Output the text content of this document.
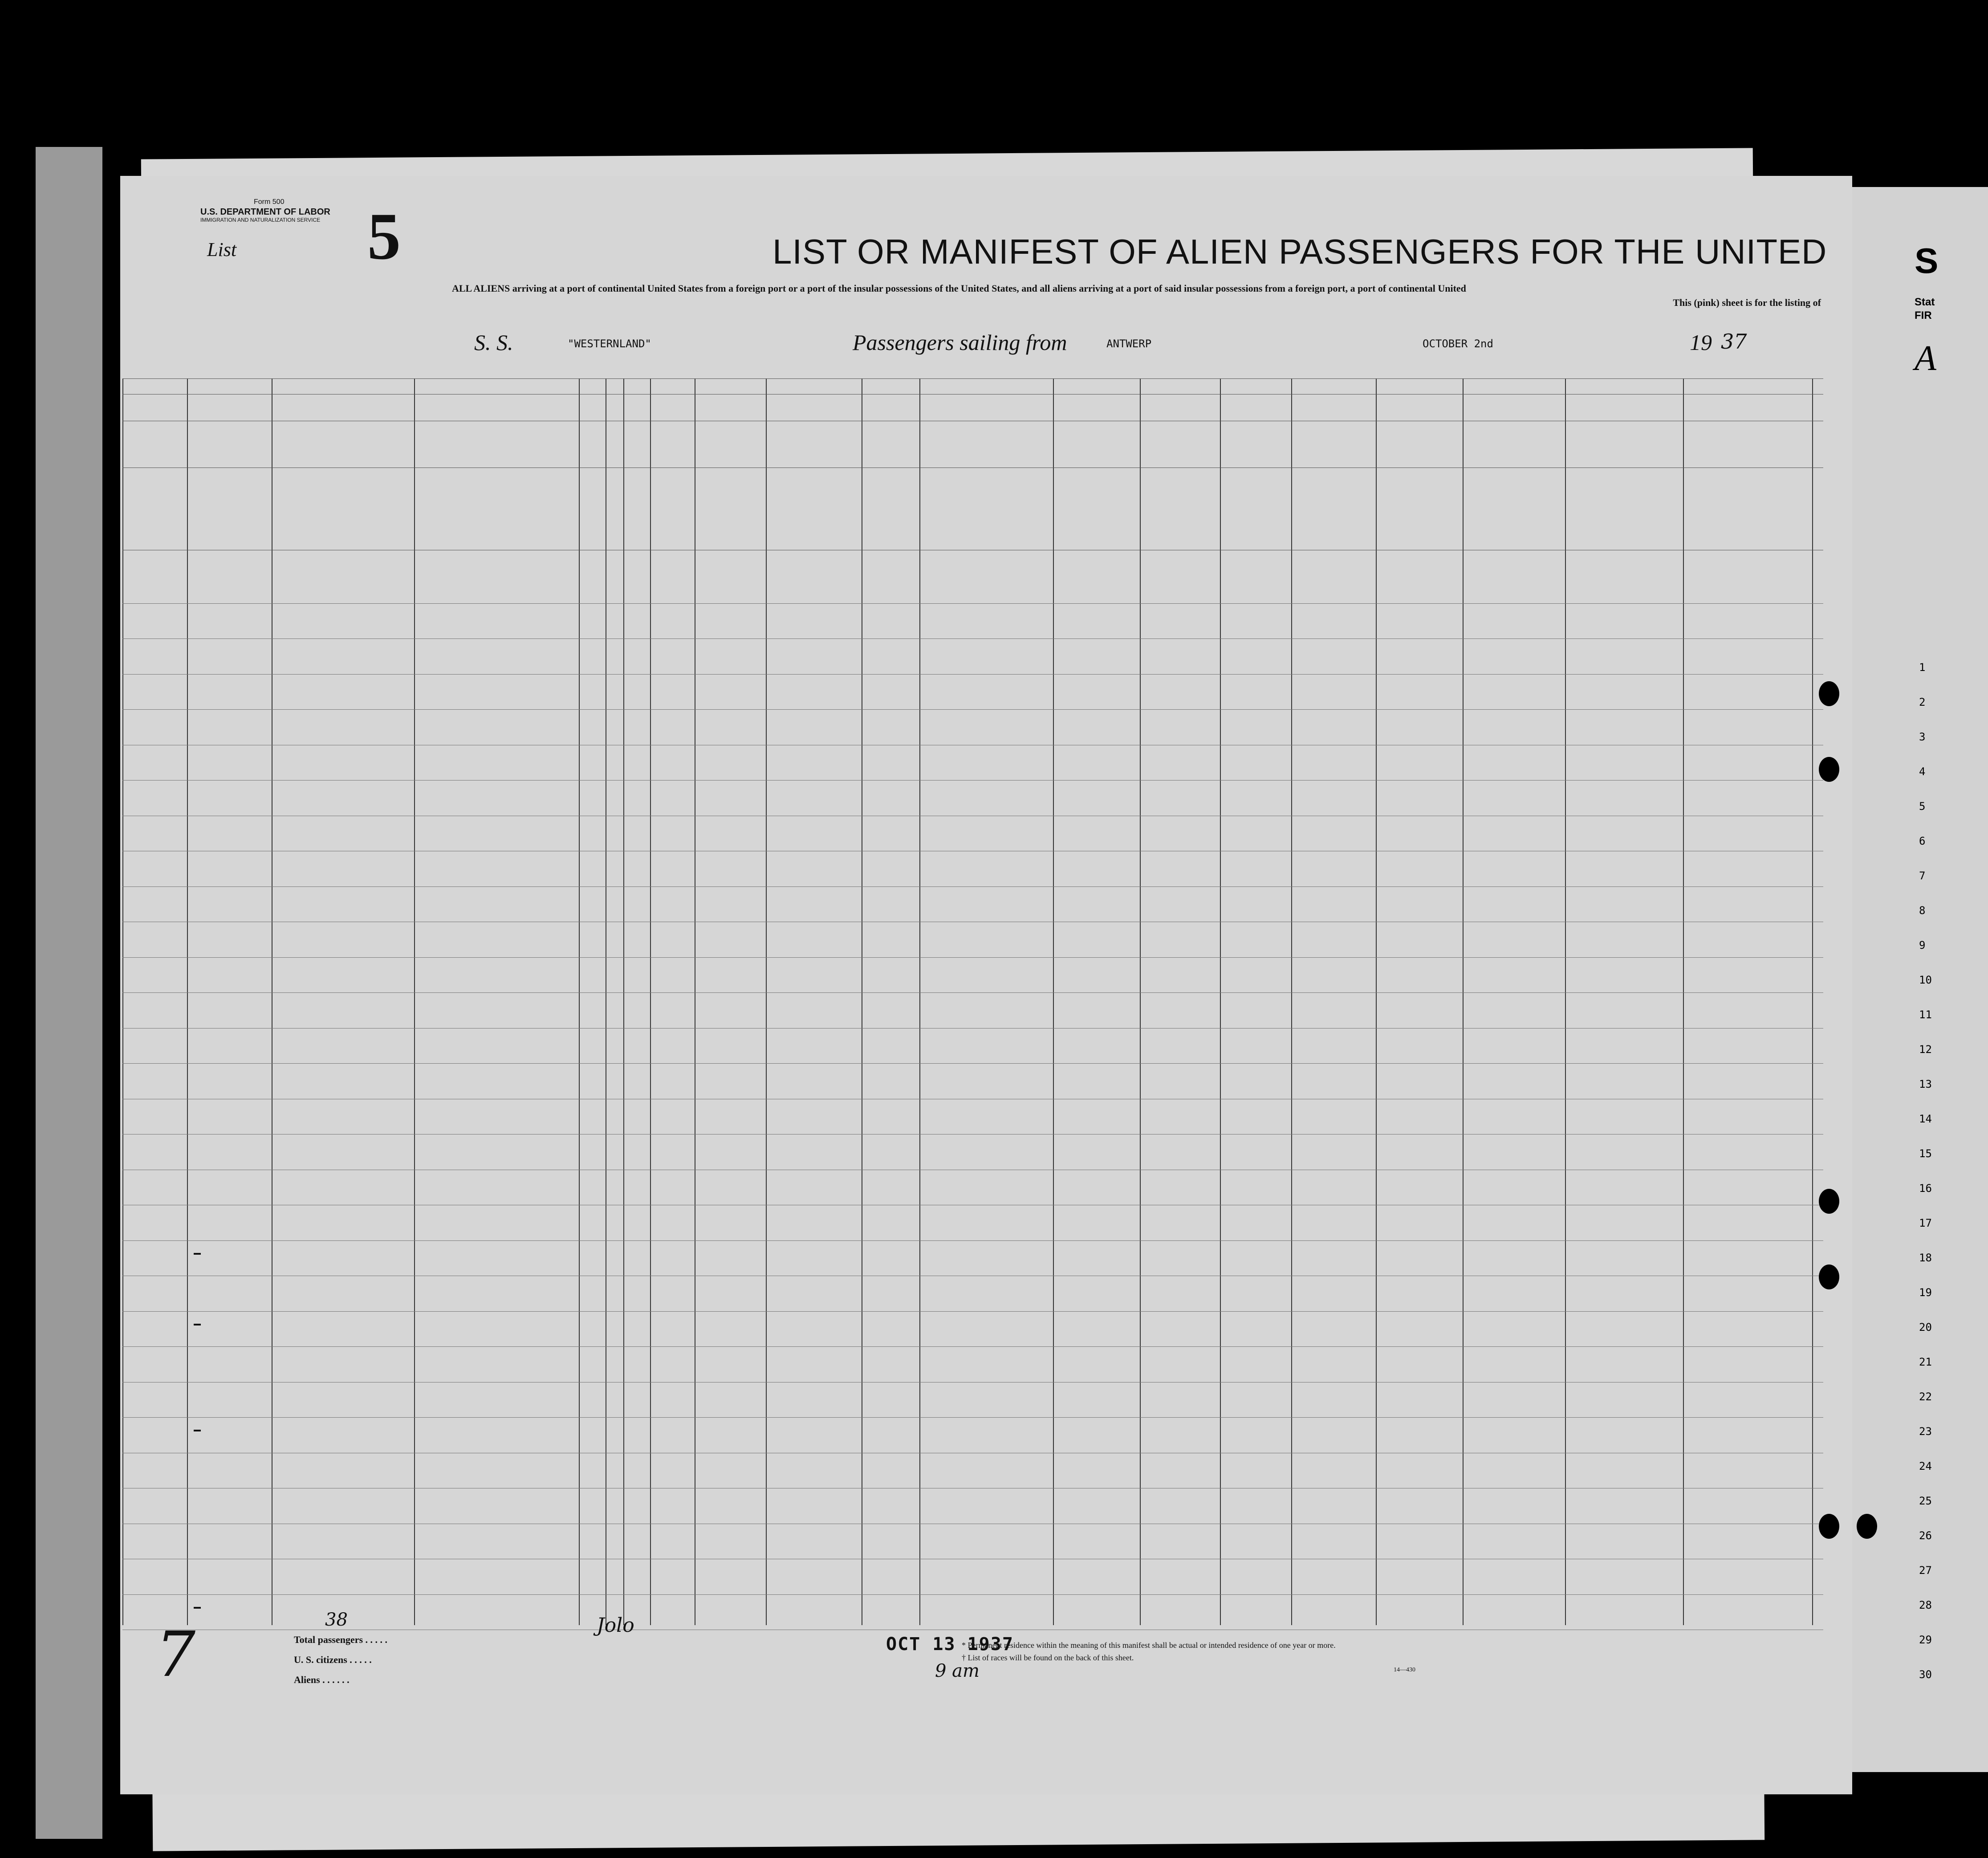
Form 500
U.S. DEPARTMENT OF LABOR
IMMIGRATION AND NATURALIZATION SERVICE
List 5	LIST OR MANIFEST OF ALIEN PASSENGERS FOR THE UNITED
ALL ALIENS arriving at a port of continental United States from a foreign port or a port of the insular possessions of the United States, and all aliens arriving at a port of said insular possessions from a foreign port, a port of continental United
This (pink) sheet is for the listing of
S. S.	"WESTERNLAND"	Passengers sailing from	ANTWERP	OCTOBER 2nd	19 37
Jolo
OCT 13 1937
9 am
38
7	Total passengers . . . . .
U. S. citizens . . . . .
Aliens . . . . . .
* Permanent residence within the meaning of this manifest shall be actual or intended residence of one year or more.
† List of races will be found on the back of this sheet.
14—430
S
Stat
FIR
A
1
2
3
4
5
6
7
8
9
10
11
12
13
14
15
16
17
18
19
20
21
22
23
24
25
26
27
28
29
30
